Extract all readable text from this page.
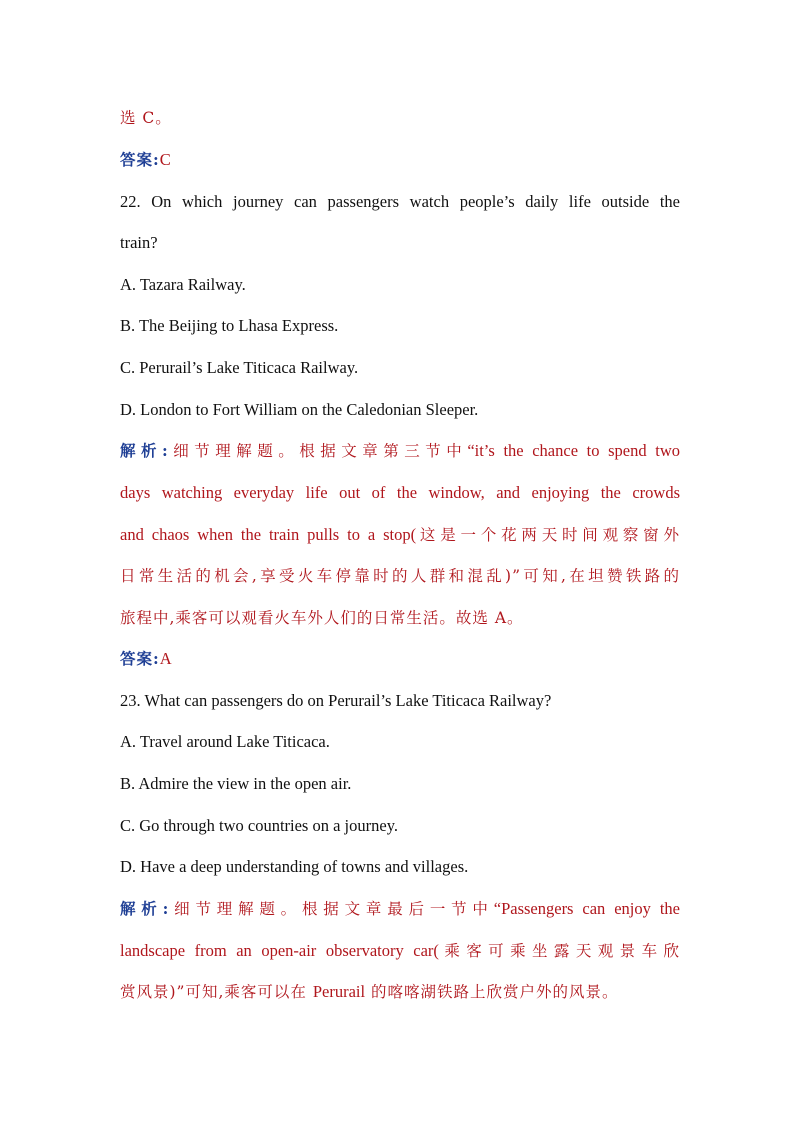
选 C。
答案:C
22. On which journey can passengers watch people’s daily life outside the
train?
A. Tazara Railway.
B. The Beijing to Lhasa Express.
C. Perurail’s Lake Titicaca Railway.
D. London to Fort William on the Caledonian Sleeper.
解析:细节理解题。根据文章第三节中“it’s the chance to spend two
days watching everyday life out of the window, and enjoying the crowds
and chaos when the train pulls to a stop(这是一个花两天时间观察窗外
日常生活的机会,享受火车停靠时的人群和混乱)”可知,在坦赞铁路的
旅程中,乘客可以观看火车外人们的日常生活。故选 A。
答案:A
23. What can passengers do on Perurail’s Lake Titicaca Railway?
A. Travel around Lake Titicaca.
B. Admire the view in the open air.
C. Go through two countries on a journey.
D. Have a deep understanding of towns and villages.
解析:细节理解题。根据文章最后一节中“Passengers can enjoy the
landscape from an open-air observatory car(乘客可乘坐露天观景车欣
赏风景)”可知,乘客可以在 Perurail 的喀喀湖铁路上欣赏户外的风景。
